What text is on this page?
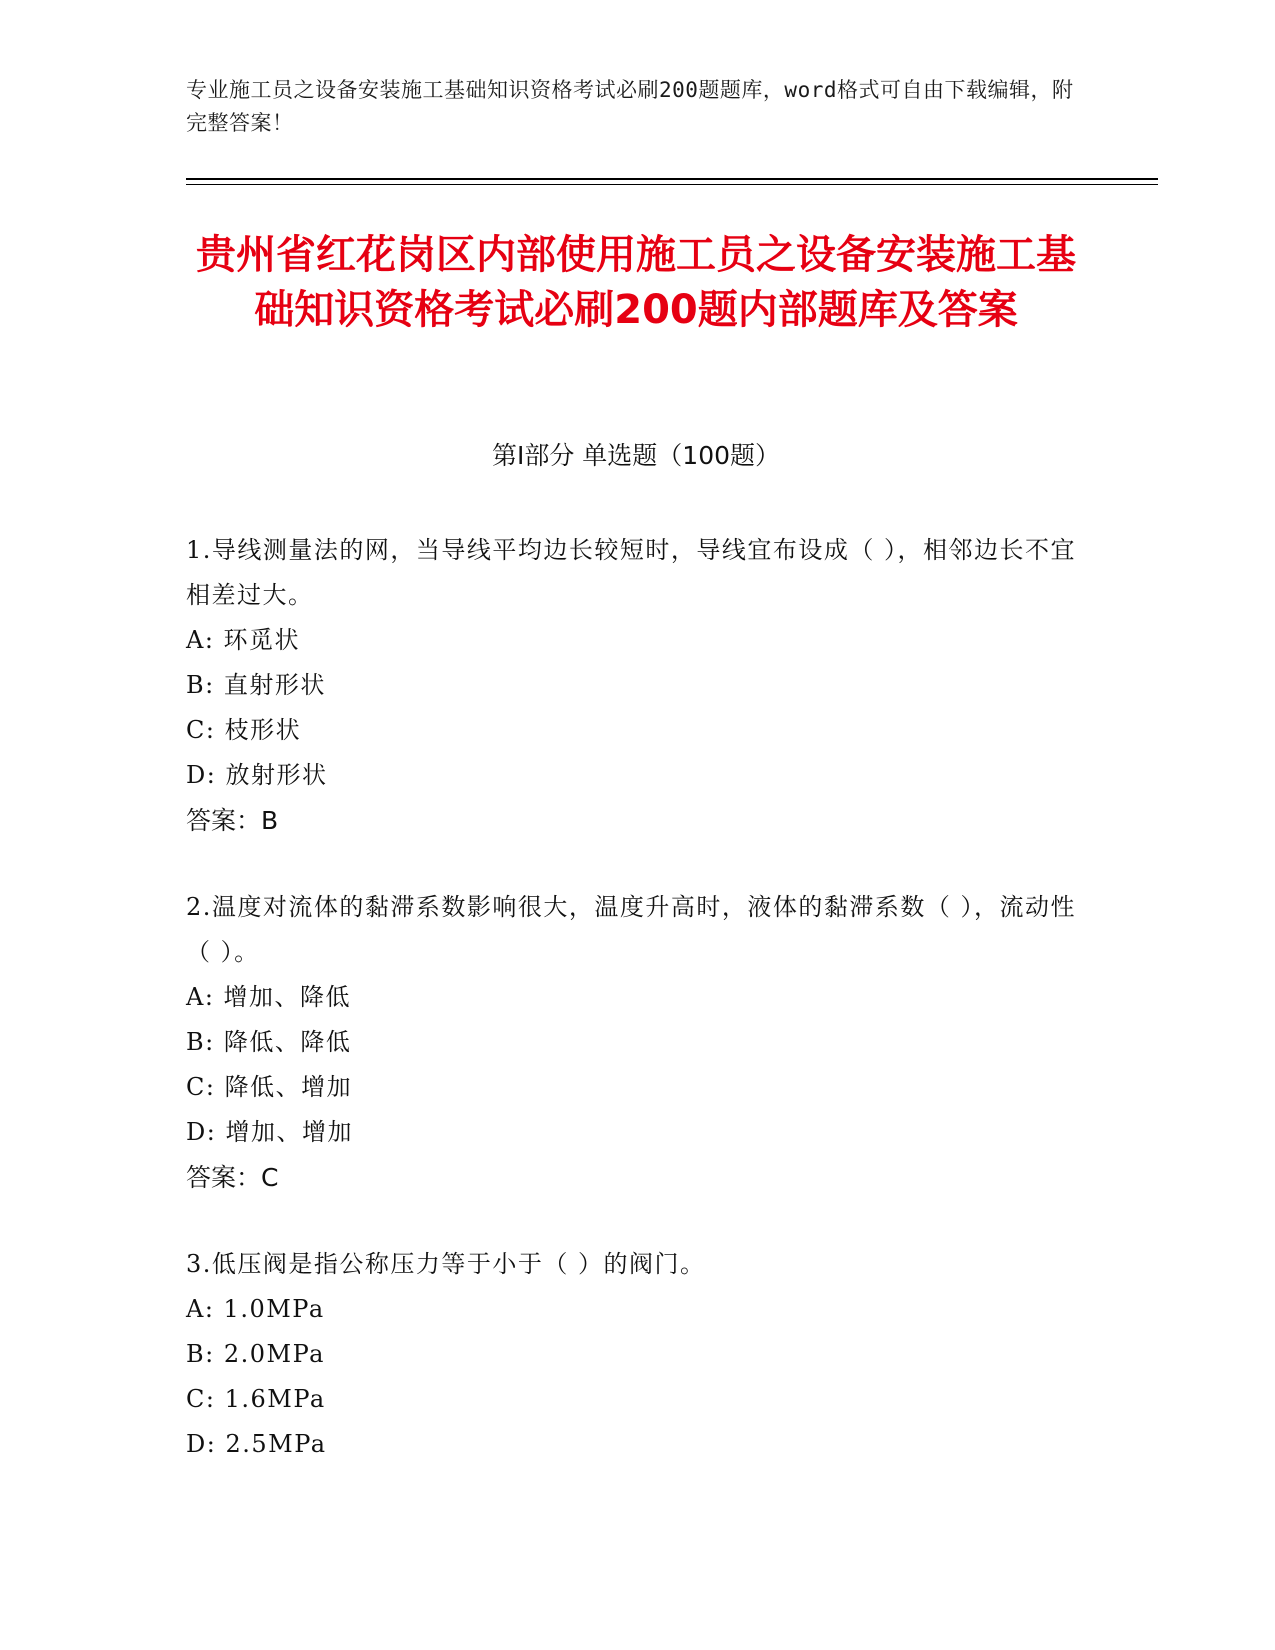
专业施工员之设备安装施工基础知识资格考试必刷200题题库，word格式可自由下载编辑，附完整答案！
贵州省红花岗区内部使用施工员之设备安装施工基础知识资格考试必刷200题内部题库及答案
第Ⅰ部分 单选题（100题）
1.导线测量法的网，当导线平均边长较短时，导线宜布设成（ ），相邻边长不宜相差过大。
A: 环觅状
B: 直射形状
C: 枝形状
D: 放射形状
答案：B
2.温度对流体的黏滞系数影响很大，温度升高时，液体的黏滞系数（ ），流动性（ ）。
A: 增加、降低
B: 降低、降低
C: 降低、增加
D: 增加、增加
答案：C
3.低压阀是指公称压力等于小于（ ）的阀门。
A: 1.0MPa
B: 2.0MPa
C: 1.6MPa
D: 2.5MPa
